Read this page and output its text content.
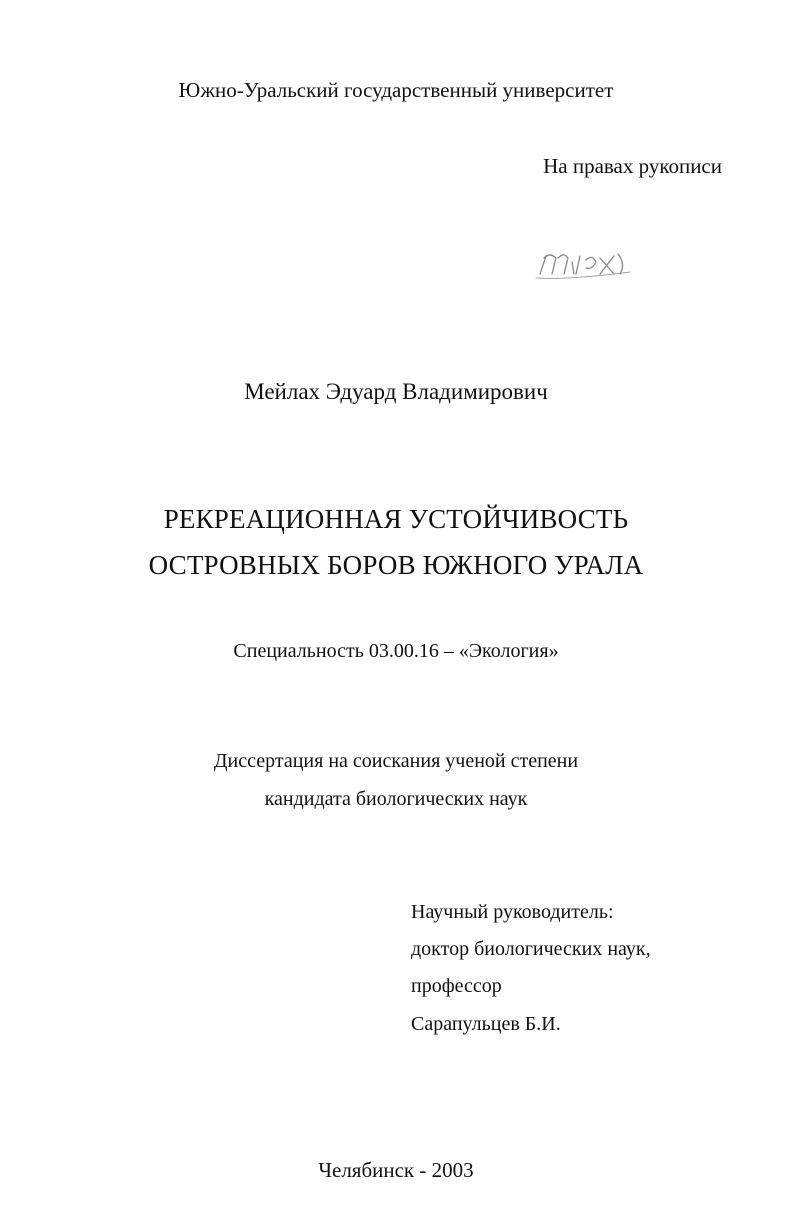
Южно-Уральский государственный университет
На правах рукописи
Мейлах Эдуард Владимирович
РЕКРЕАЦИОННАЯ УСТОЙЧИВОСТЬ
ОСТРОВНЫХ БОРОВ ЮЖНОГО УРАЛА
Специальность 03.00.16 – «Экология»
Диссертация на соискания ученой степени
кандидата биологических наук
Научный руководитель:
доктор биологических наук,
профессор
Сарапульцев Б.И.
Челябинск - 2003
